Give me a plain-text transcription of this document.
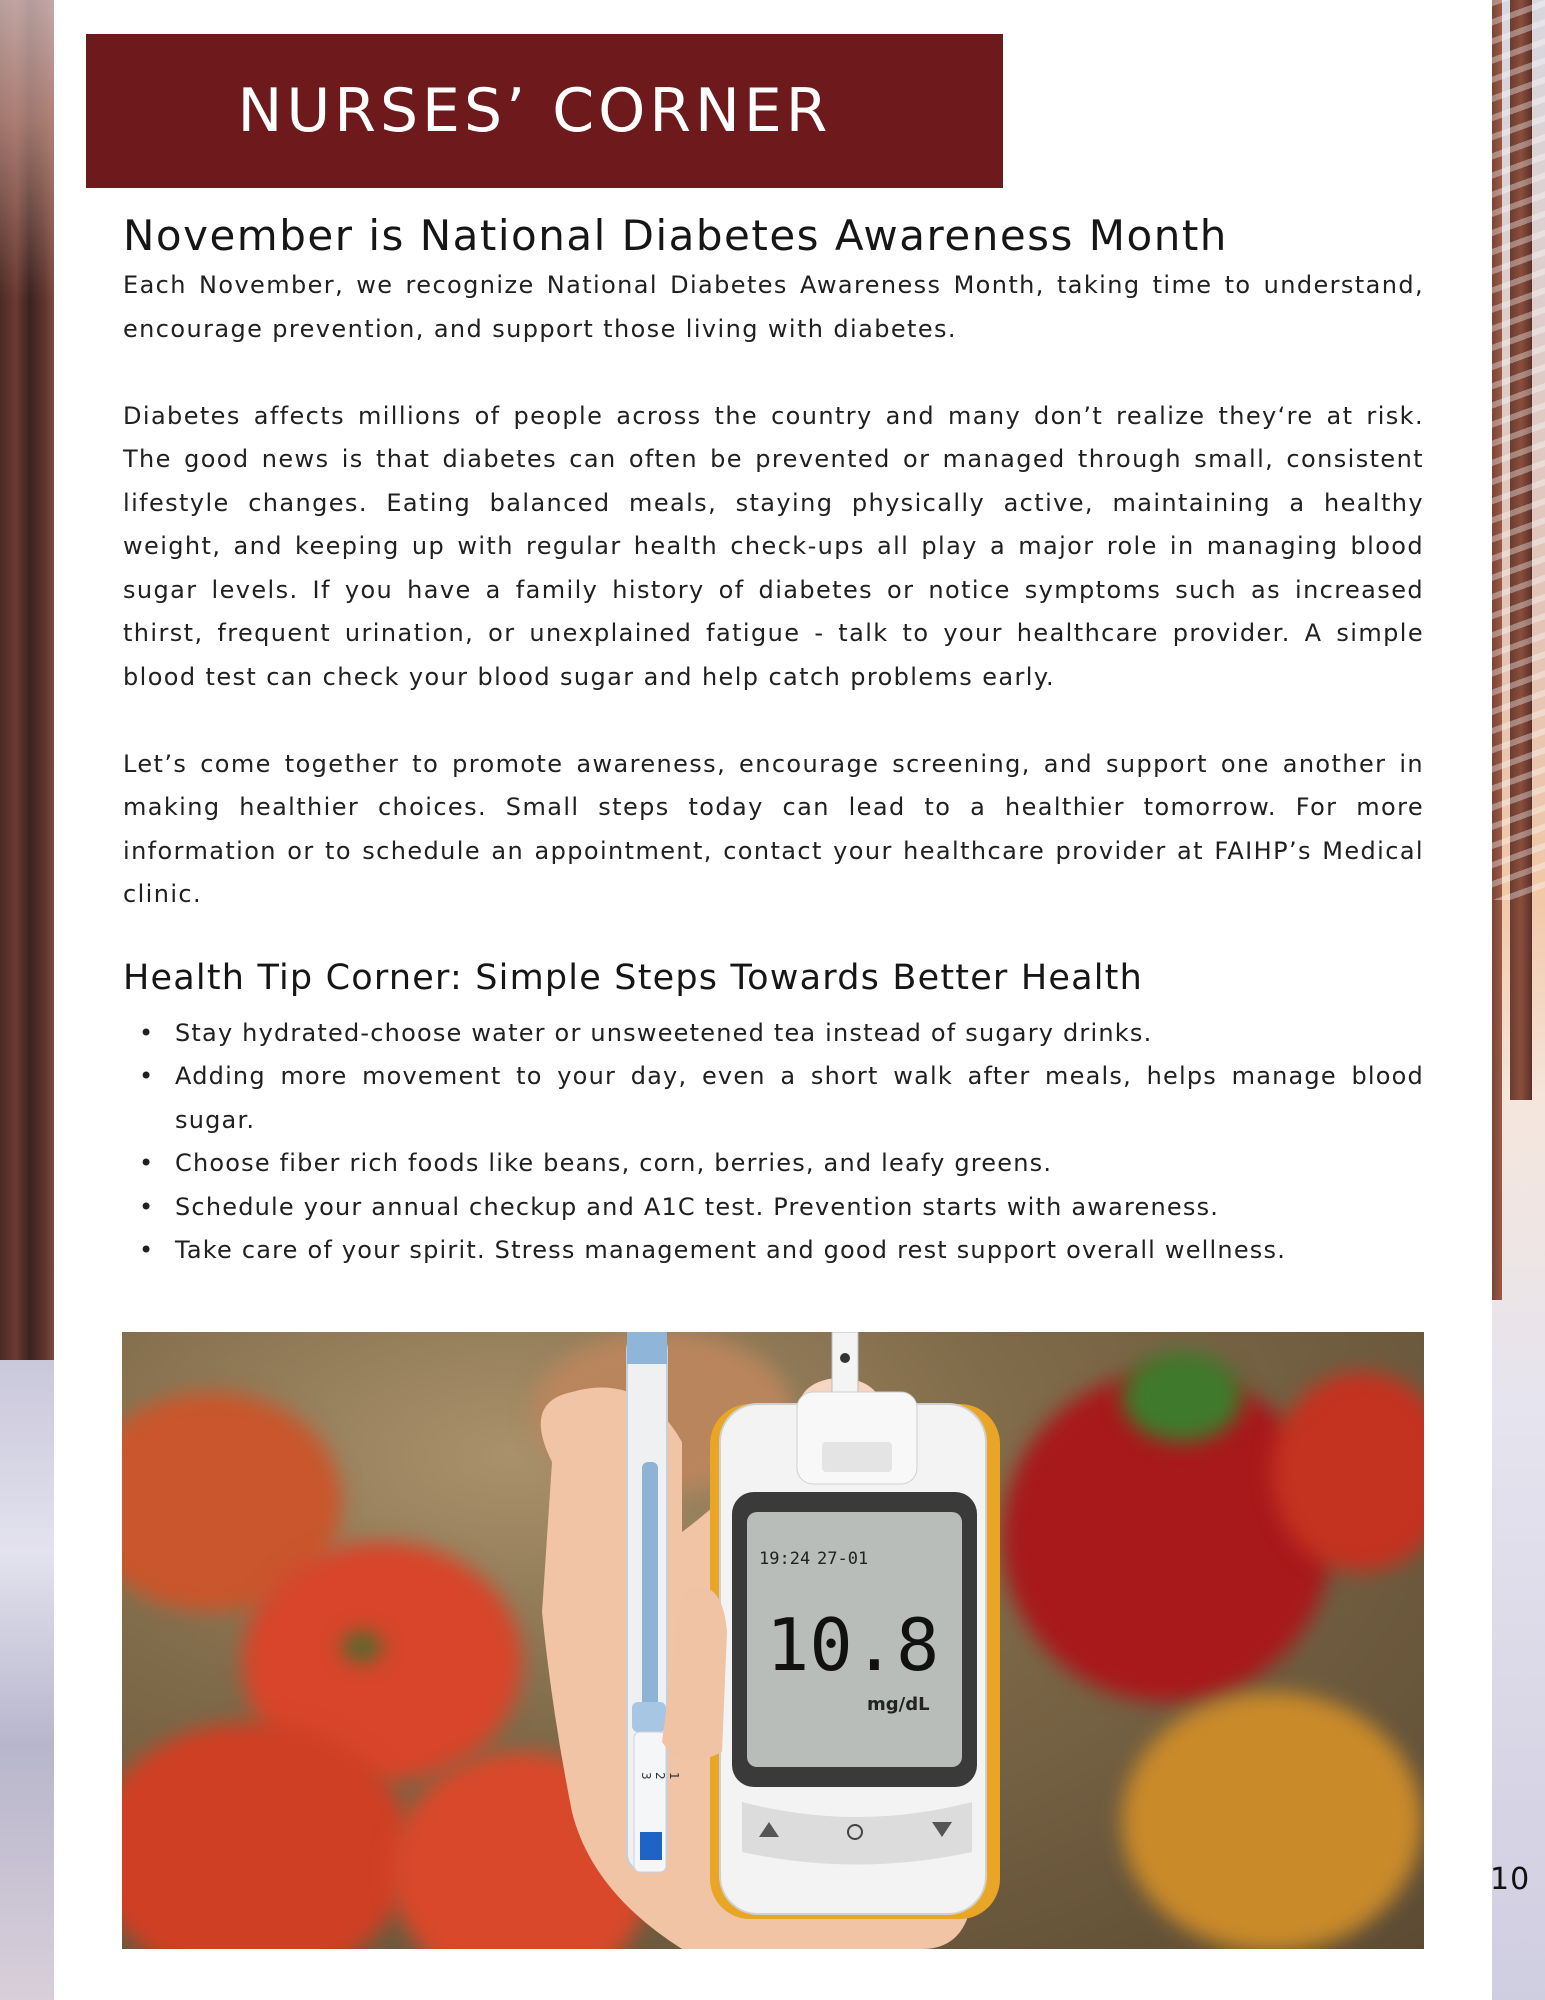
NURSES’ CORNER
November is National Diabetes Awareness Month

Each November, we recognize National Diabetes Awareness Month, taking time to understand, encourage prevention, and support those living with diabetes.

Diabetes affects millions of people across the country and many don’t realize they‘re at risk. The good news is that diabetes can often be prevented or managed through small, consistent lifestyle changes. Eating balanced meals, staying physically active, maintaining a healthy weight, and keeping up with regular health check-ups all play a major role in managing blood sugar levels. If you have a family history of diabetes or notice symptoms such as increased thirst, frequent urination, or unexplained fatigue - talk to your healthcare provider. A simple blood test can check your blood sugar and help catch problems early.

Let’s come together to promote awareness, encourage screening, and support one another in making healthier choices. Small steps today can lead to a healthier tomorrow. For more information or to schedule an appointment, contact your healthcare provider at FAIHP’s Medical clinic.

Health Tip Corner: Simple Steps Towards Better Health
• Stay hydrated-choose water or unsweetened tea instead of sugary drinks.
• Adding more movement to your day, even a short walk after meals, helps manage blood sugar.
• Choose fiber rich foods like beans, corn, berries, and leafy greens.
• Schedule your annual checkup and A1C test. Prevention starts with awareness.
• Take care of your spirit. Stress management and good rest support overall wellness.
3 2 1
19:24 27-01
10.8
mg/dL
10
